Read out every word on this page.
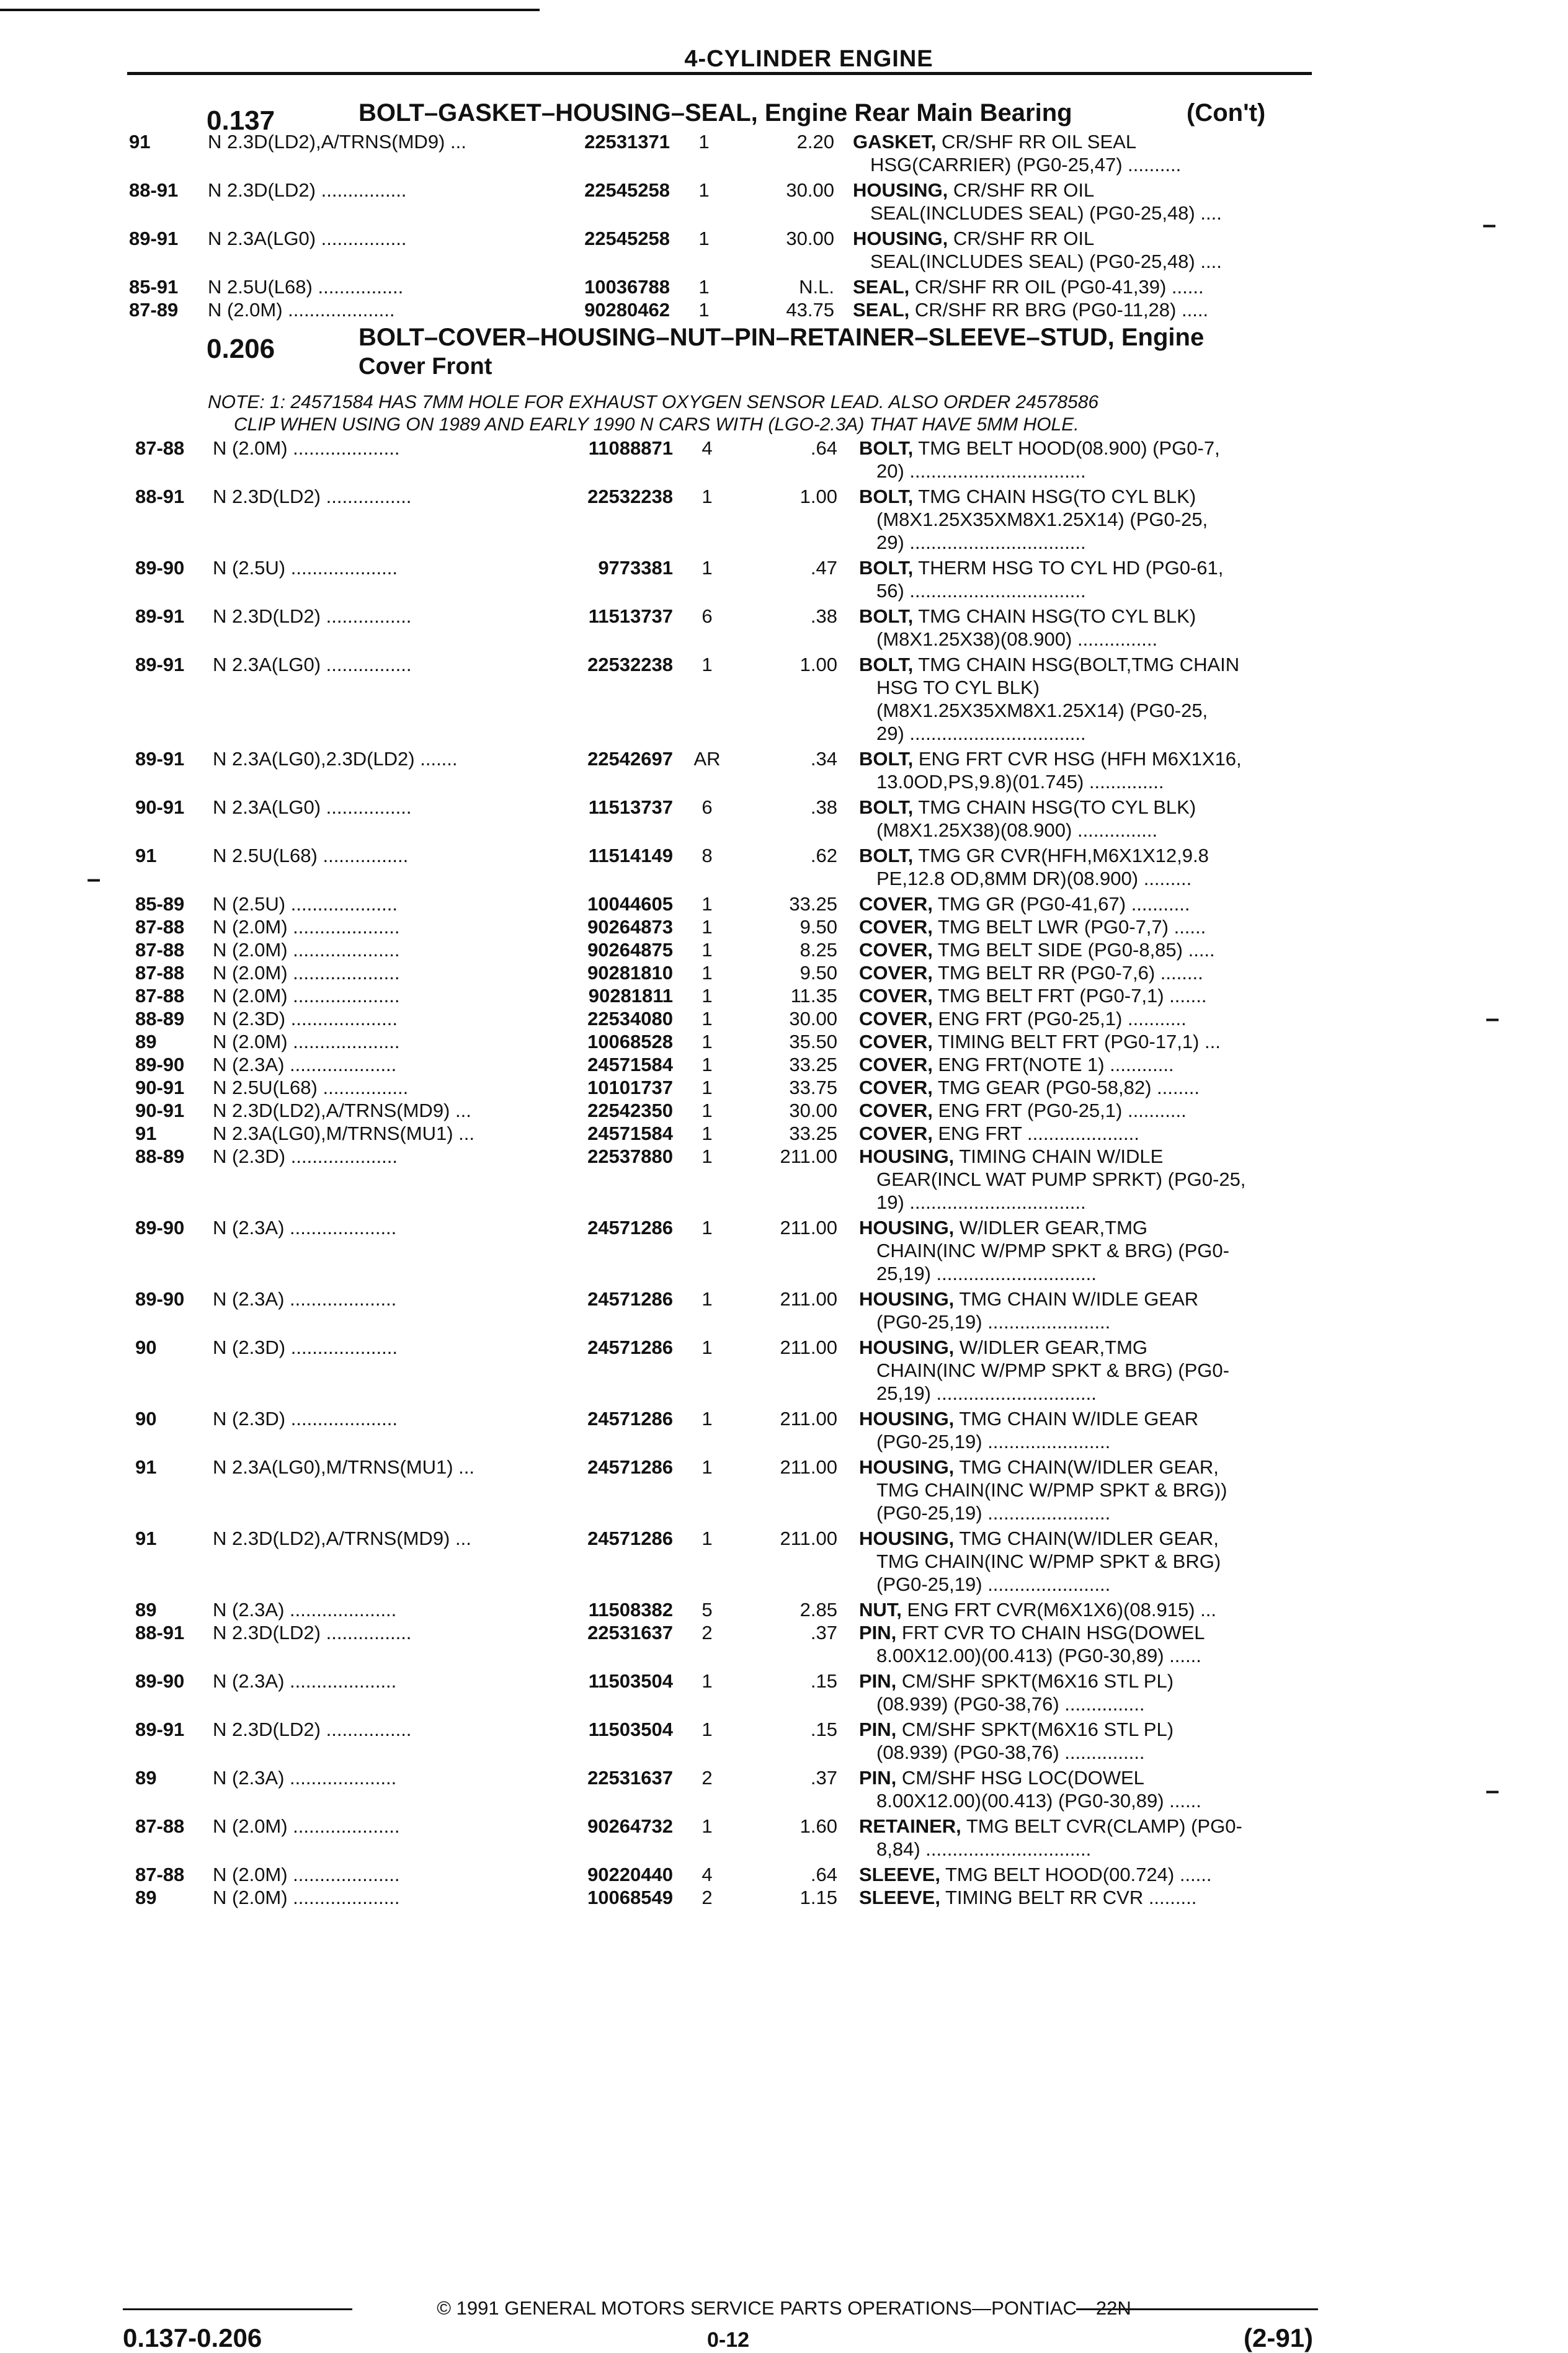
4-CYLINDER ENGINE
0.137	BOLT–GASKET–HOUSING–SEAL, Engine Rear Main Bearing	(Con't)
91	N 2.3D(LD2),A/TRNS(MD9) ...	22531371	1	2.20 GASKET, CR/SHF RR OIL SEAL
HSG(CARRIER) (PG0-25,47) ..........
88-91 N 2.3D(LD2) ................	22545258	1	30.00 HOUSING, CR/SHF RR OIL
SEAL(INCLUDES SEAL) (PG0-25,48) ....
89-91 N 2.3A(LG0) ................	22545258	1	30.00 HOUSING, CR/SHF RR OIL
SEAL(INCLUDES SEAL) (PG0-25,48) ....
85-91 N 2.5U(L68) ................	10036788	1	N.L. SEAL, CR/SHF RR OIL (PG0-41,39) ......
87-89 N (2.0M) ....................	90280462	1	43.75 SEAL, CR/SHF RR BRG (PG0-11,28) .....
0.206	BOLT–COVER–HOUSING–NUT–PIN–RETAINER–SLEEVE–STUD, Engine
Cover Front
NOTE: 1: 24571584 HAS 7MM HOLE FOR EXHAUST OXYGEN SENSOR LEAD. ALSO ORDER 24578586
CLIP WHEN USING ON 1989 AND EARLY 1990 N CARS WITH (LGO-2.3A) THAT HAVE 5MM HOLE.
87-88 N (2.0M) ....................	11088871	4	.64 BOLT, TMG BELT HOOD(08.900) (PG0-7,
20) .................................
88-91 N 2.3D(LD2) ................	22532238	1	1.00 BOLT, TMG CHAIN HSG(TO CYL BLK)
(M8X1.25X35XM8X1.25X14) (PG0-25,
29) .................................
89-90 N (2.5U) ....................	9773381	1	.47 BOLT, THERM HSG TO CYL HD (PG0-61,
56) .................................
89-91 N 2.3D(LD2) ................	11513737	6	.38 BOLT, TMG CHAIN HSG(TO CYL BLK)
(M8X1.25X38)(08.900) ...............
89-91 N 2.3A(LG0) ................	22532238	1	1.00 BOLT, TMG CHAIN HSG(BOLT,TMG CHAIN
HSG TO CYL BLK)
(M8X1.25X35XM8X1.25X14) (PG0-25,
29) .................................
89-91 N 2.3A(LG0),2.3D(LD2) .......	22542697	AR	.34 BOLT, ENG FRT CVR HSG (HFH M6X1X16,
13.0OD,PS,9.8)(01.745) ..............
90-91 N 2.3A(LG0) ................	11513737	6	.38 BOLT, TMG CHAIN HSG(TO CYL BLK)
(M8X1.25X38)(08.900) ...............
91	N 2.5U(L68) ................	11514149	8	.62 BOLT, TMG GR CVR(HFH,M6X1X12,9.8
PE,12.8 OD,8MM DR)(08.900) .........
85-89 N (2.5U) ....................	10044605	1	33.25 COVER, TMG GR (PG0-41,67) ...........
87-88 N (2.0M) ....................	90264873	1	9.50 COVER, TMG BELT LWR (PG0-7,7) ......
87-88 N (2.0M) ....................	90264875	1	8.25 COVER, TMG BELT SIDE (PG0-8,85) .....
87-88 N (2.0M) ....................	90281810	1	9.50 COVER, TMG BELT RR (PG0-7,6) ........
87-88 N (2.0M) ....................	90281811	1	11.35 COVER, TMG BELT FRT (PG0-7,1) .......
88-89 N (2.3D) ....................	22534080	1	30.00 COVER, ENG FRT (PG0-25,1) ...........
89	N (2.0M) ....................	10068528	1	35.50 COVER, TIMING BELT FRT (PG0-17,1) ...
89-90 N (2.3A) ....................	24571584	1	33.25 COVER, ENG FRT(NOTE 1) ............
90-91 N 2.5U(L68) ................	10101737	1	33.75 COVER, TMG GEAR (PG0-58,82) ........
90-91 N 2.3D(LD2),A/TRNS(MD9) ...	22542350	1	30.00 COVER, ENG FRT (PG0-25,1) ...........
91	N 2.3A(LG0),M/TRNS(MU1) ...	24571584	1	33.25 COVER, ENG FRT .....................
88-89 N (2.3D) ....................	22537880	1	211.00 HOUSING, TIMING CHAIN W/IDLE
GEAR(INCL WAT PUMP SPRKT) (PG0-25,
19) .................................
89-90 N (2.3A) ....................	24571286	1	211.00 HOUSING, W/IDLER GEAR,TMG
CHAIN(INC W/PMP SPKT & BRG) (PG0-
25,19) ..............................
89-90 N (2.3A) ....................	24571286	1	211.00 HOUSING, TMG CHAIN W/IDLE GEAR
(PG0-25,19) .......................
90	N (2.3D) ....................	24571286	1	211.00 HOUSING, W/IDLER GEAR,TMG
CHAIN(INC W/PMP SPKT & BRG) (PG0-
25,19) ..............................
90	N (2.3D) ....................	24571286	1	211.00 HOUSING, TMG CHAIN W/IDLE GEAR
(PG0-25,19) .......................
91	N 2.3A(LG0),M/TRNS(MU1) ...	24571286	1	211.00 HOUSING, TMG CHAIN(W/IDLER GEAR,
TMG CHAIN(INC W/PMP SPKT & BRG))
(PG0-25,19) .......................
91	N 2.3D(LD2),A/TRNS(MD9) ...	24571286	1	211.00 HOUSING, TMG CHAIN(W/IDLER GEAR,
TMG CHAIN(INC W/PMP SPKT & BRG)
(PG0-25,19) .......................
89	N (2.3A) ....................	11508382	5	2.85 NUT, ENG FRT CVR(M6X1X6)(08.915) ...
88-91 N 2.3D(LD2) ................	22531637	2	.37 PIN, FRT CVR TO CHAIN HSG(DOWEL
8.00X12.00)(00.413) (PG0-30,89) ......
89-90 N (2.3A) ....................	11503504	1	.15 PIN, CM/SHF SPKT(M6X16 STL PL)
(08.939) (PG0-38,76) ...............
89-91 N 2.3D(LD2) ................	11503504	1	.15 PIN, CM/SHF SPKT(M6X16 STL PL)
(08.939) (PG0-38,76) ...............
89	N (2.3A) ....................	22531637	2	.37 PIN, CM/SHF HSG LOC(DOWEL
8.00X12.00)(00.413) (PG0-30,89) ......
87-88 N (2.0M) ....................	90264732	1	1.60 RETAINER, TMG BELT CVR(CLAMP) (PG0-
8,84) ...............................
87-88 N (2.0M) ....................	90220440	4	.64 SLEEVE, TMG BELT HOOD(00.724) ......
89	N (2.0M) ....................	10068549	2	1.15 SLEEVE, TIMING BELT RR CVR .........
–
–
–
–
© 1991 GENERAL MOTORS SERVICE PARTS OPERATIONS—PONTIAC—22N
0.137-0.206	0-12	(2-91)
